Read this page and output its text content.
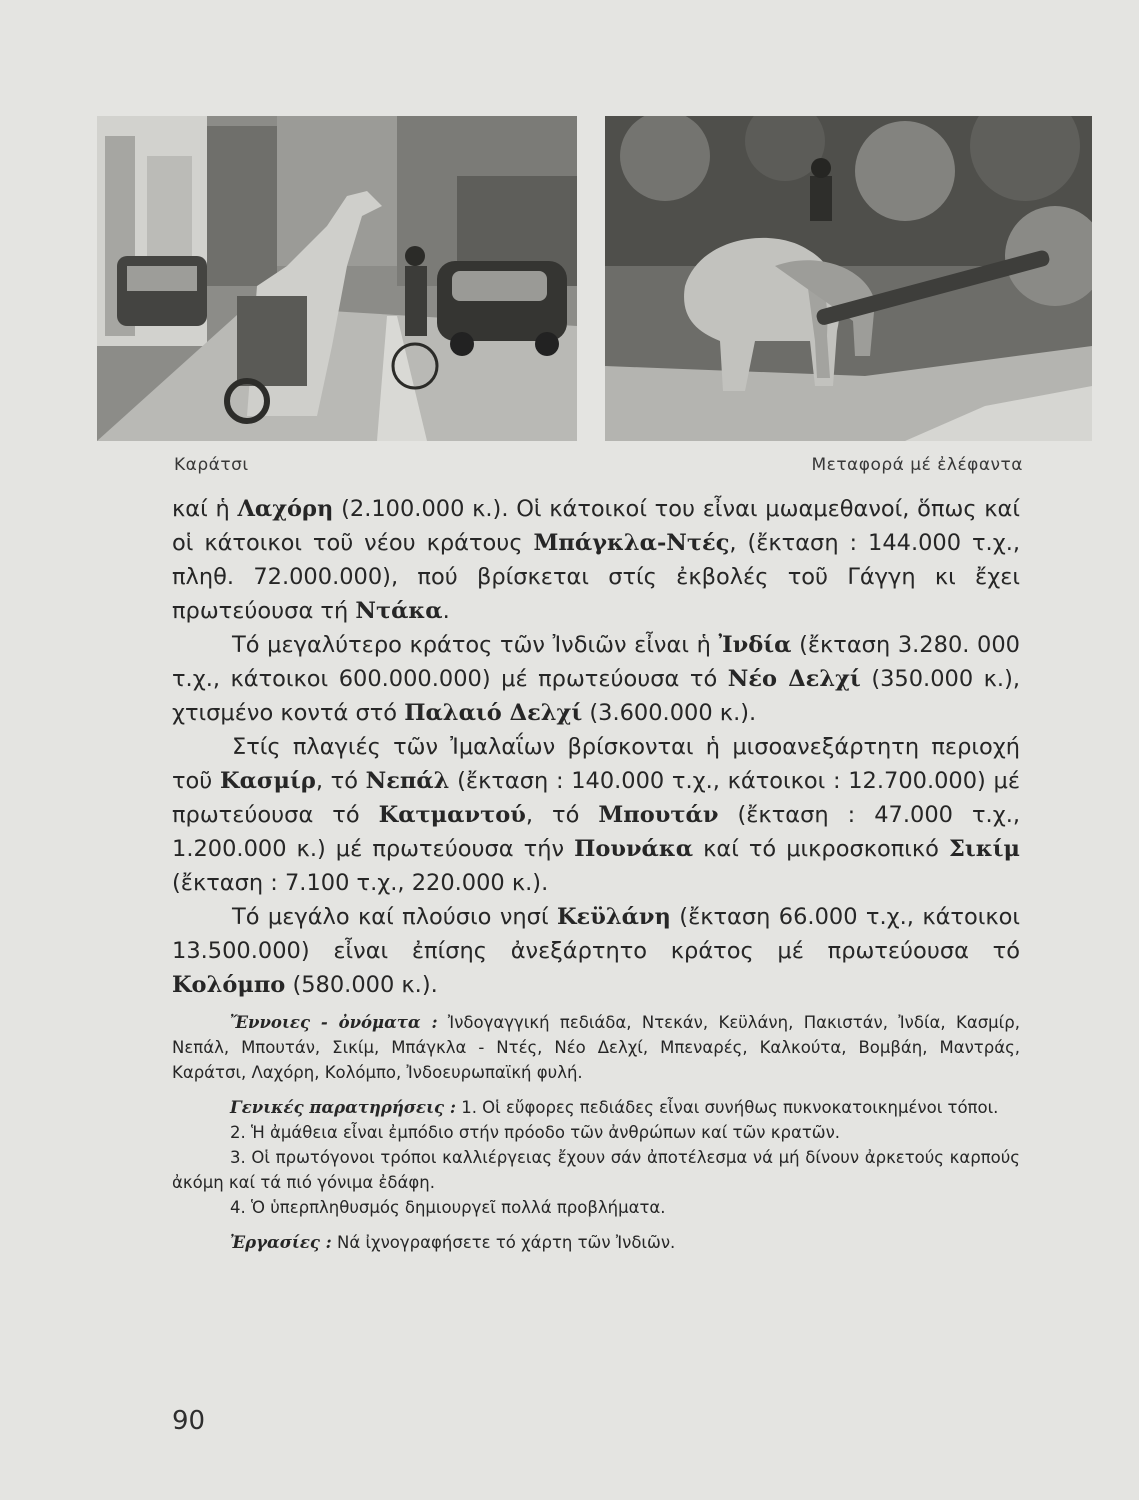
Καράτσι	Μεταφορά μέ ἐλέφαντα

καί ἡ Λαχόρη (2.100.000 κ.). Οἱ κάτοικοί του εἶναι μωαμεθανοί, ὅπως καί οἱ κάτοικοι τοῦ νέου κράτους Μπάγκλα-Ντές, (ἔκταση : 144.000 τ.χ., πληθ. 72.000.000), πού βρίσκεται στίς ἐκβολές τοῦ Γάγγη κι ἔχει πρωτεύουσα τή Ντάκα.

Τό μεγαλύτερο κράτος τῶν Ἰνδιῶν εἶναι ἡ Ἰνδία (ἔκταση 3.280. 000 τ.χ., κάτοικοι 600.000.000) μέ πρωτεύουσα τό Νέο Δελχί (350.000 κ.), χτισμένο κοντά στό Παλαιό Δελχί (3.600.000 κ.).

Στίς πλαγιές τῶν Ἰμαλαΐων βρίσκονται ἡ μισοανεξάρτητη περιοχή τοῦ Κασμίρ, τό Νεπάλ (ἔκταση : 140.000 τ.χ., κάτοικοι : 12.700.000) μέ πρωτεύουσα τό Κατμαντού, τό Μπουτάν (ἔκταση : 47.000 τ.χ., 1.200.000 κ.) μέ πρωτεύουσα τήν Πουνάκα καί τό μικροσκοπικό Σικίμ (ἔκταση : 7.100 τ.χ., 220.000 κ.).

Τό μεγάλο καί πλούσιο νησί Κεϋλάνη (ἔκταση 66.000 τ.χ., κάτοικοι 13.500.000) εἶναι ἐπίσης ἀνεξάρτητο κράτος μέ πρωτεύουσα τό Κολόμπο (580.000 κ.).

Ἔννοιες - ὀνόματα : Ἰνδογαγγική πεδιάδα, Ντεκάν, Κεϋλάνη, Πακιστάν, Ἰνδία, Κασμίρ, Νεπάλ, Μπουτάν, Σικίμ, Μπάγκλα - Ντές, Νέο Δελχί, Μπεναρές, Καλκούτα, Βομβάη, Μαντράς, Καράτσι, Λαχόρη, Κολόμπο, Ἰνδοευρωπαϊκή φυλή.

Γενικές παρατηρήσεις : 1. Οἱ εὔφορες πεδιάδες εἶναι συνήθως πυκνοκατοικημένοι τόποι.

2. Ἡ ἀμάθεια εἶναι ἐμπόδιο στήν πρόοδο τῶν ἀνθρώπων καί τῶν κρατῶν.

3. Οἱ πρωτόγονοι τρόποι καλλιέργειας ἔχουν σάν ἀποτέλεσμα νά μή δίνουν ἀρκετούς καρπούς ἀκόμη καί τά πιό γόνιμα ἐδάφη.

4. Ὁ ὑπερπληθυσμός δημιουργεῖ πολλά προβλήματα.

Ἐργασίες : Νά ἰχνογραφήσετε τό χάρτη τῶν Ἰνδιῶν.

90
